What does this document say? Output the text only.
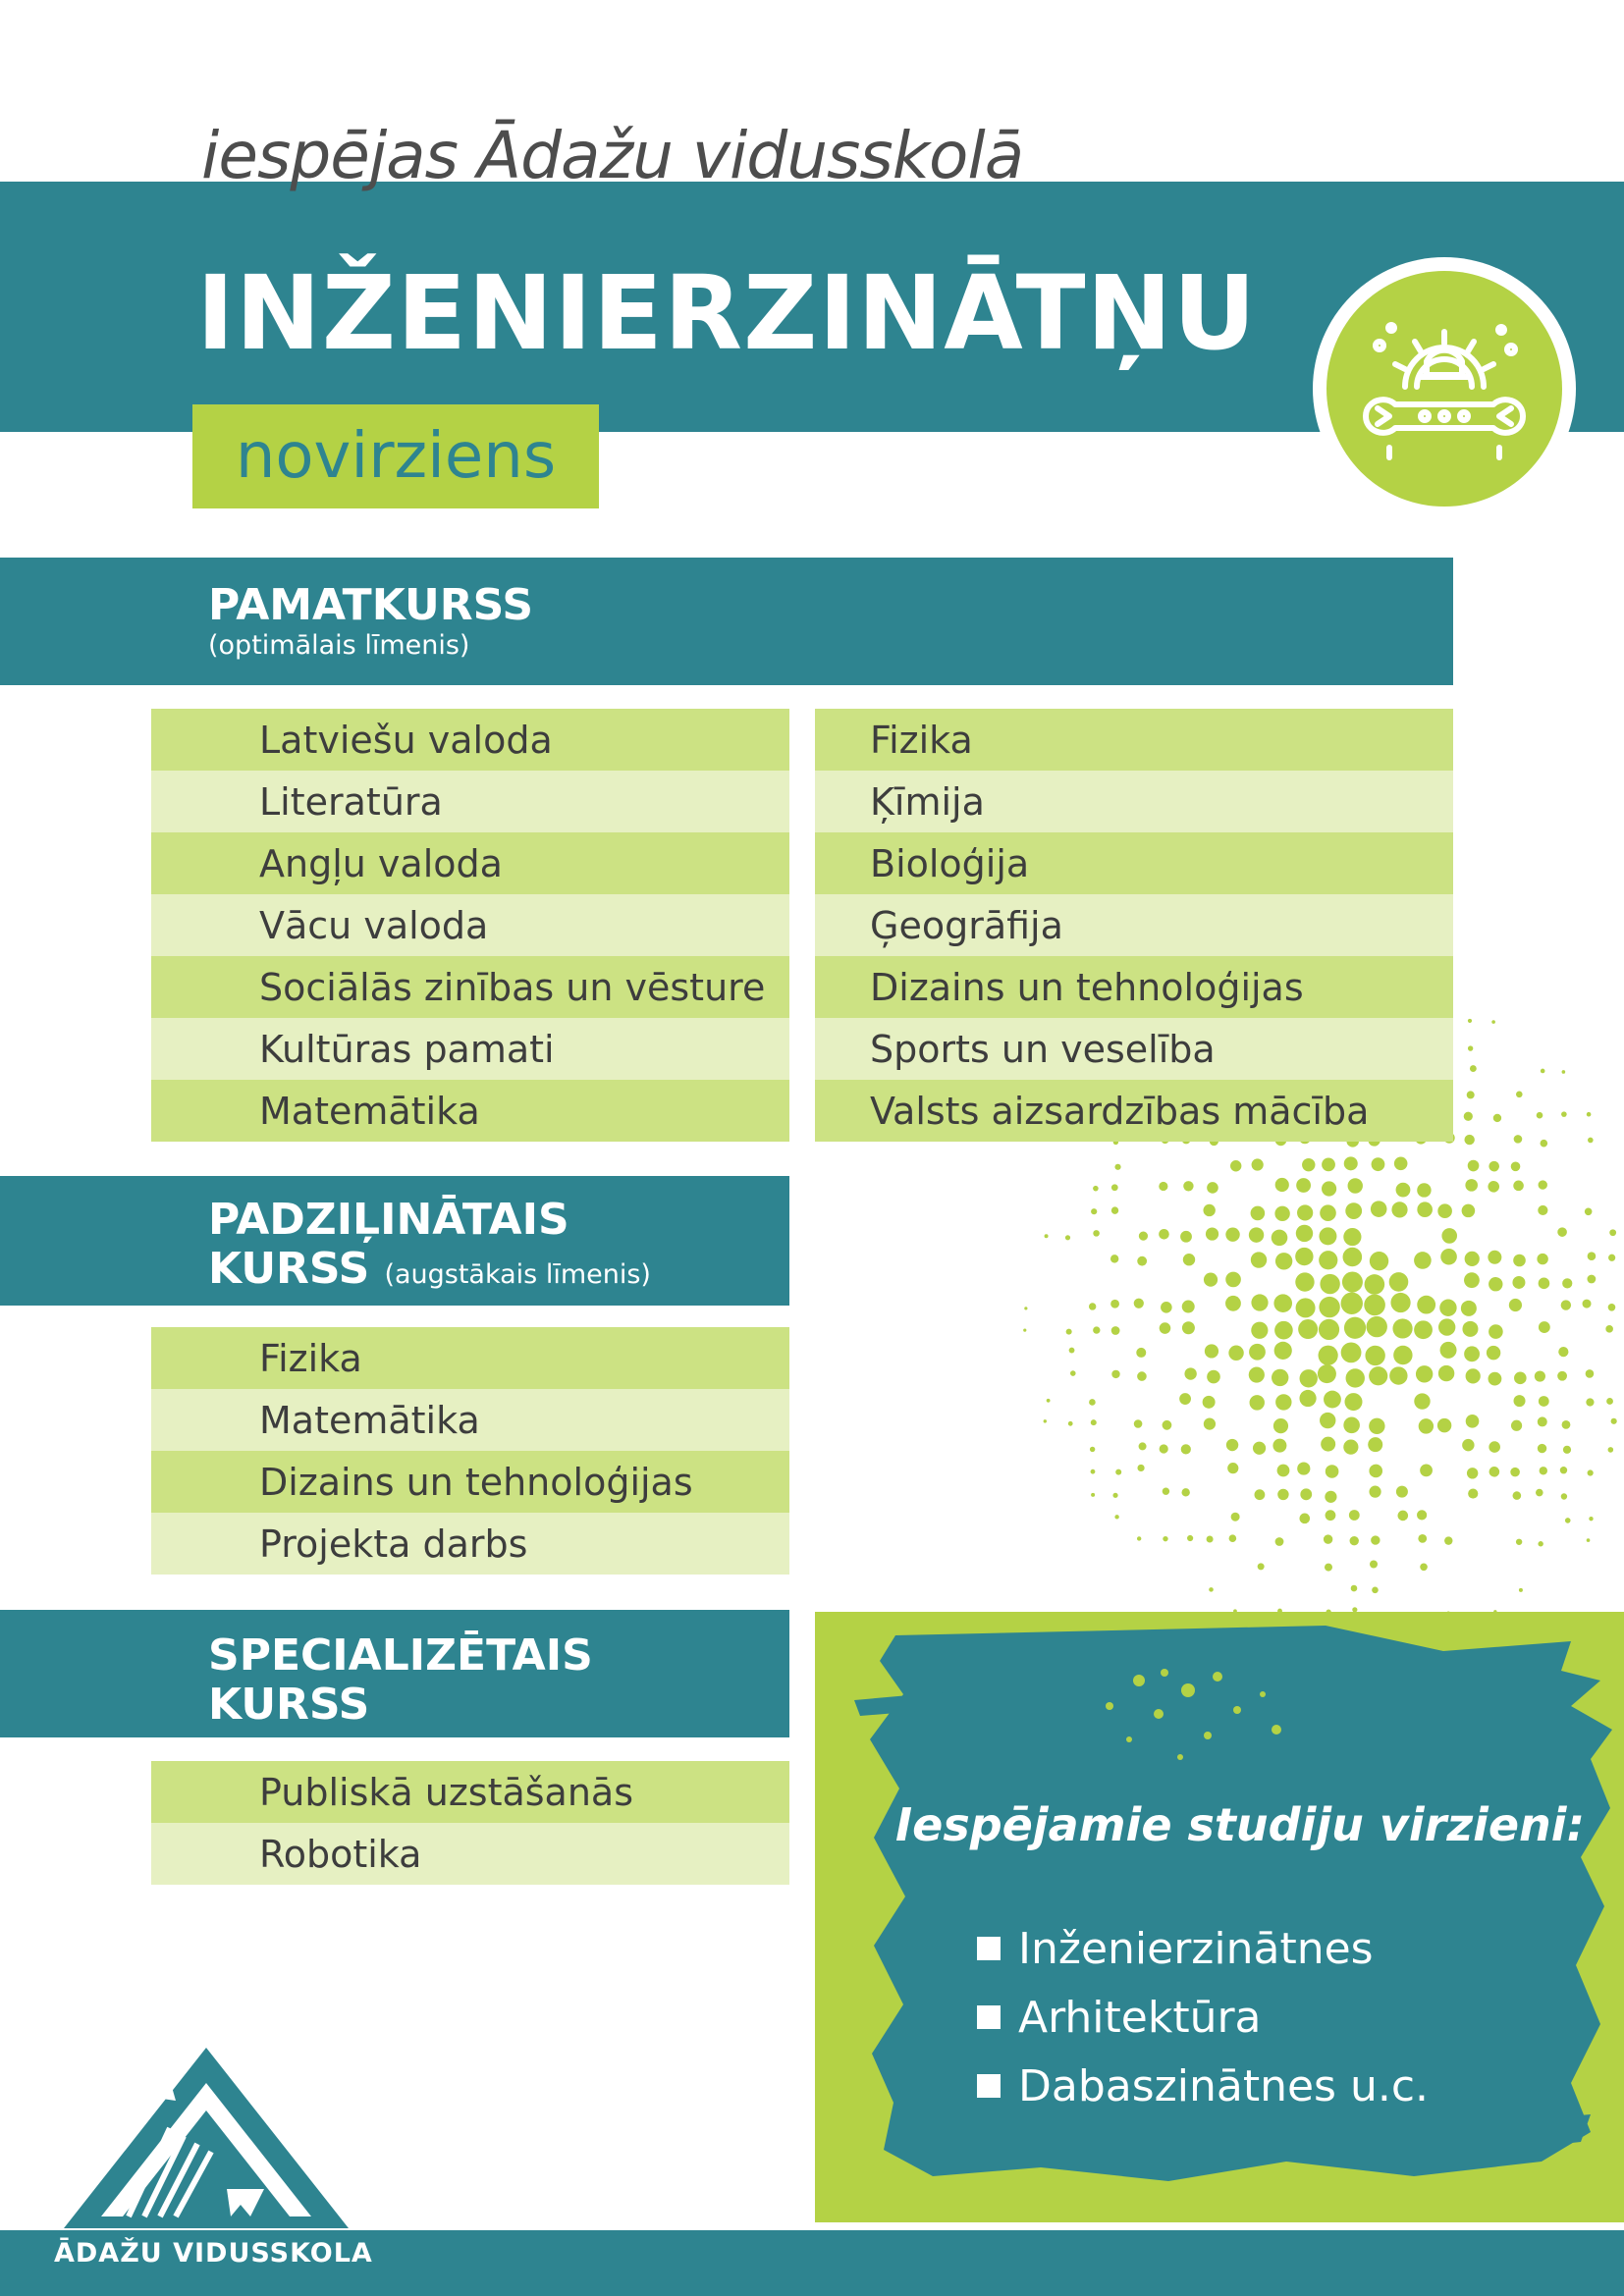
iespējas Ādažu vidusskolā
INŽENIERZINĀTŅU
novirziens
PAMATKURSS
(optimālais līmenis)
Latviešu valoda
Literatūra
Angļu valoda
Vācu valoda
Sociālās zinības un vēsture
Kultūras pamati
Matemātika
Fizika
Ķīmija
Bioloģija
Ģeogrāfija
Dizains un tehnoloģijas
Sports un veselība
Valsts aizsardzības mācība
PADZIĻINĀTAIS
KURSS (augstākais līmenis)
Fizika
Matemātika
Dizains un tehnoloģijas
Projekta darbs
SPECIALIZĒTAIS
KURSS
Publiskā uzstāšanās
Robotika
Iespējamie studiju virzieni:
Inženierzinātnes
Arhitektūra
Dabaszinātnes u.c.
ĀDAŽU VIDUSSKOLA
